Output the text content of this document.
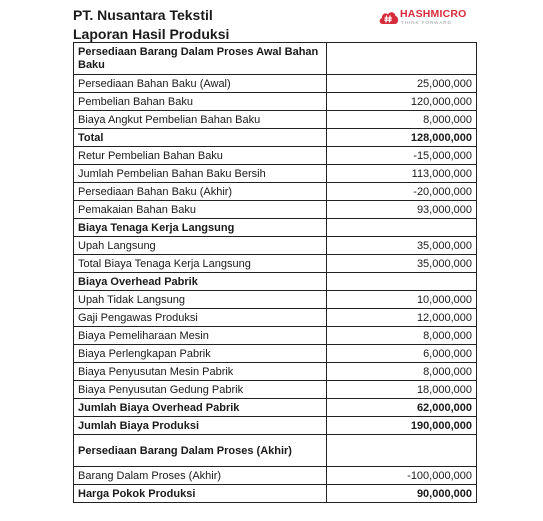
PT. Nusantara Tekstil
Laporan Hasil Produksi
HASHMICRO
THINK FORWARD
Persediaan Barang Dalam Proses Awal Bahan Baku	
Persediaan Bahan Baku (Awal)	25,000,000
Pembelian Bahan Baku	120,000,000
Biaya Angkut Pembelian Bahan Baku	8,000,000
Total	128,000,000
Retur Pembelian Bahan Baku	-15,000,000
Jumlah Pembelian Bahan Baku Bersih	113,000,000
Persediaan Bahan Baku (Akhir)	-20,000,000
Pemakaian Bahan Baku	93,000,000
Biaya Tenaga Kerja Langsung	
Upah Langsung	35,000,000
Total Biaya Tenaga Kerja Langsung	35,000,000
Biaya Overhead Pabrik	
Upah Tidak Langsung	10,000,000
Gaji Pengawas Produksi	12,000,000
Biaya Pemeliharaan Mesin	8,000,000
Biaya Perlengkapan Pabrik	6,000,000
Biaya Penyusutan Mesin Pabrik	8,000,000
Biaya Penyusutan Gedung Pabrik	18,000,000
Jumlah Biaya Overhead Pabrik	62,000,000
Jumlah Biaya Produksi	190,000,000
Persediaan Barang Dalam Proses (Akhir)	
Barang Dalam Proses (Akhir)	-100,000,000
Harga Pokok Produksi	90,000,000
